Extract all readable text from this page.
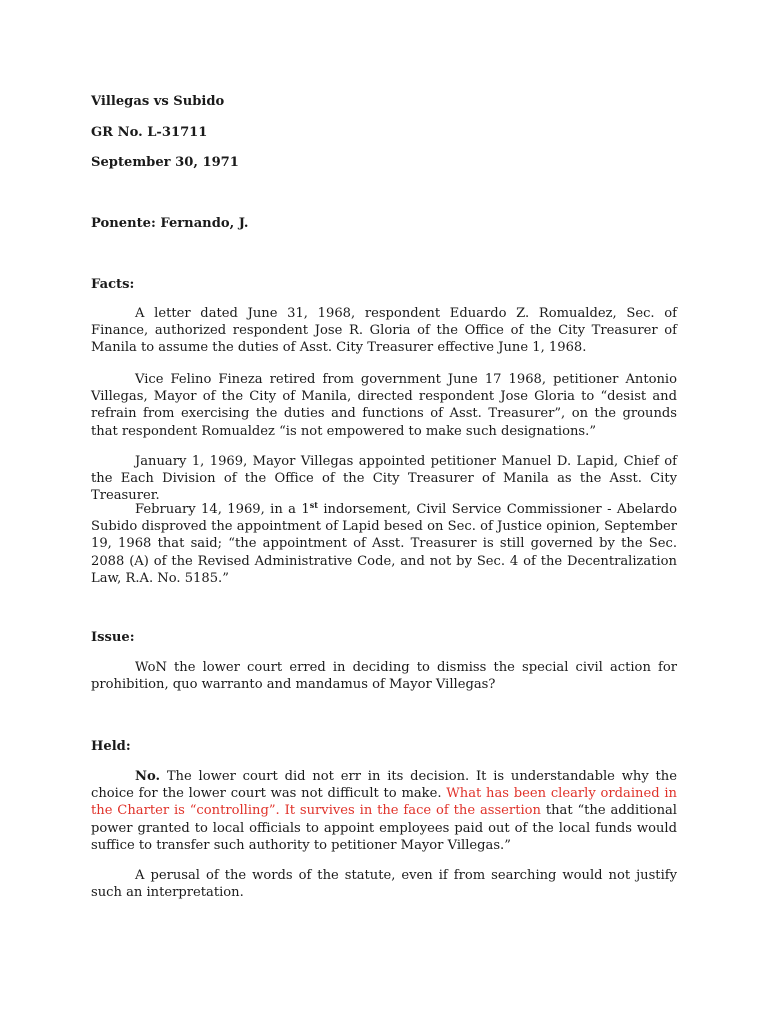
Villegas vs Subido

GR No. L-31711

September 30, 1971

Ponente: Fernando, J.

Facts:

A letter dated June 31, 1968, respondent Eduardo Z. Romualdez, Sec. of Finance, authorized respondent Jose R. Gloria of the Office of the City Treasurer of Manila to assume the duties of Asst. City Treasurer effective June 1, 1968.

Vice Felino Fineza retired from government June 17 1968, petitioner Antonio Villegas, Mayor of the City of Manila, directed respondent Jose Gloria to “desist and refrain from exercising the duties and functions of Asst. Treasurer”, on the grounds that respondent Romualdez “is not empowered to make such designations.”

January 1, 1969, Mayor Villegas appointed petitioner Manuel D. Lapid, Chief of the Each Division of the Office of the City Treasurer of Manila as the Asst. City Treasurer.

February 14, 1969, in a 1st indorsement, Civil Service Commissioner - Abelardo Subido disproved the appointment of Lapid besed on Sec. of Justice opinion, September 19, 1968 that said; “the appointment of Asst. Treasurer is still governed by the Sec. 2088 (A) of the Revised Administrative Code, and not by Sec. 4 of the Decentralization Law, R.A. No. 5185.”

Issue:

WoN the lower court erred in deciding to dismiss the special civil action for prohibition, quo warranto and mandamus of Mayor Villegas?

Held:

No. The lower court did not err in its decision. It is understandable why the choice for the lower court was not difficult to make. What has been clearly ordained in the Charter is “controlling”. It survives in the face of the assertion that “the additional power granted to local officials to appoint employees paid out of the local funds would suffice to transfer such authority to petitioner Mayor Villegas.”

A perusal of the words of the statute, even if from searching would not justify such an interpretation.
